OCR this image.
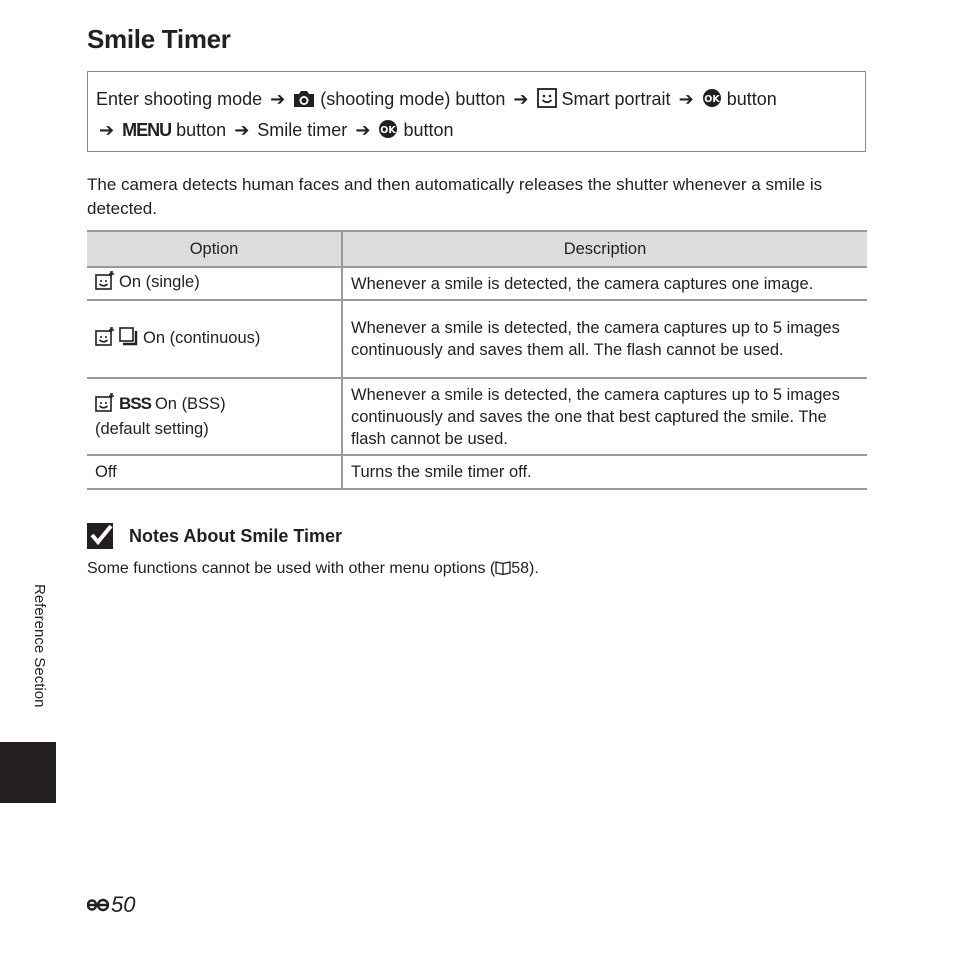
Smile Timer
Enter shooting mode ➔ (shooting mode) button ➔ Smart portrait ➔ OK button
➔ MENU button ➔ Smile timer ➔ OK button

The camera detects human faces and then automatically releases the shutter whenever a smile is detected.

Option	Description

On (single)	Whenever a smile is detected, the camera captures one image.

On (continuous)	Whenever a smile is detected, the camera captures up to 5 images continuously and saves them all. The flash cannot be used.

BSS On (BSS)
(default setting)	Whenever a smile is detected, the camera captures up to 5 images continuously and saves the one that best captured the smile. The flash cannot be used.

Off	Turns the smile timer off.
Notes About Smile Timer

Some functions cannot be used with other menu options ( 58).

Reference Section
50
